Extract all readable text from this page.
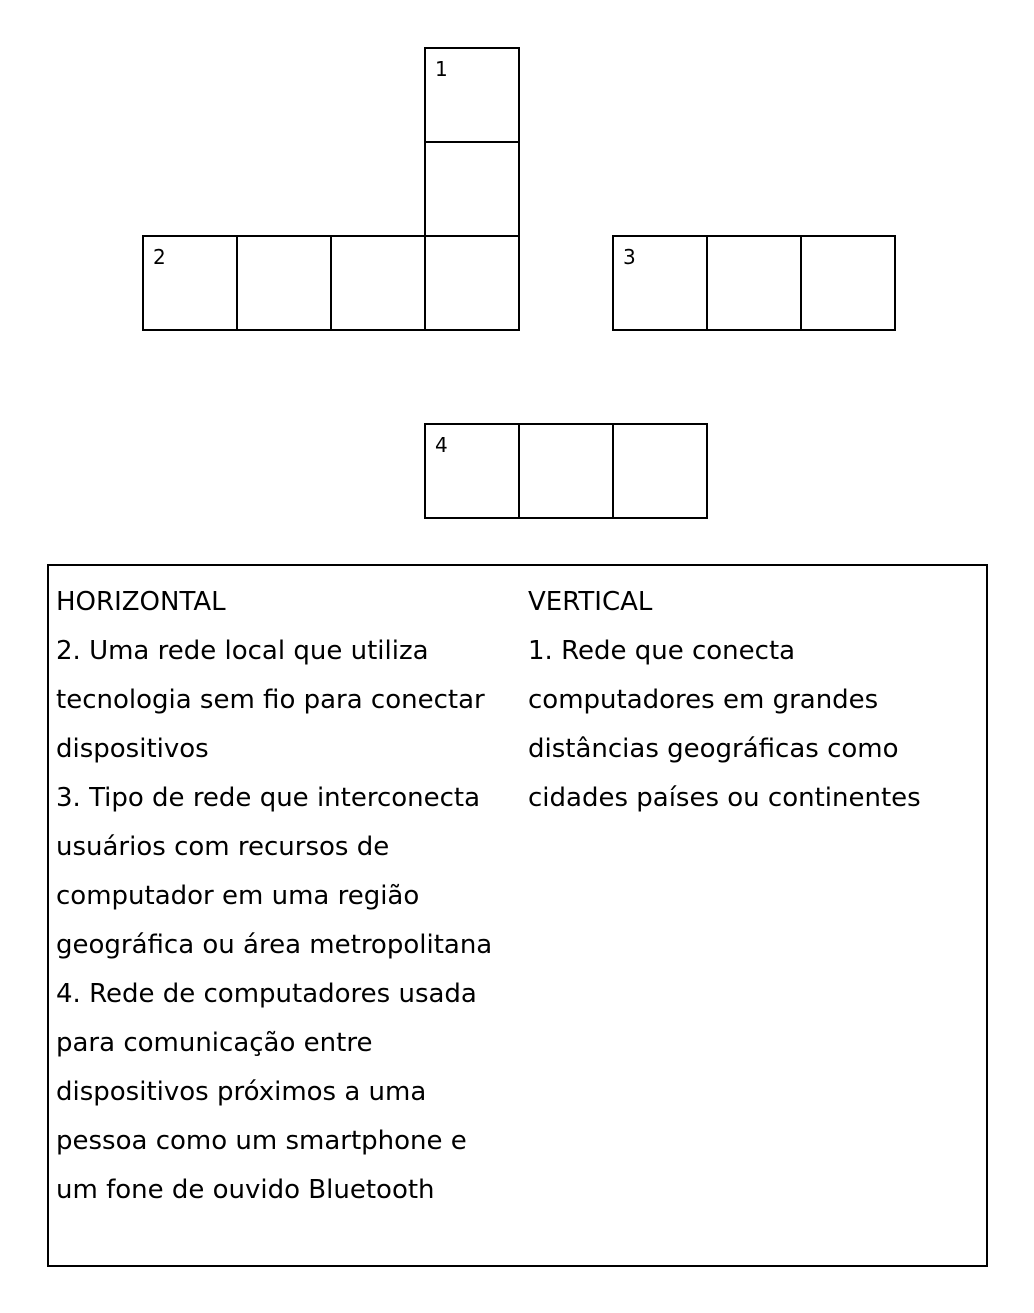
1
2	3
4
HORIZONTAL
2. Uma rede local que utiliza tecnologia sem fio para conectar dispositivos
3. Tipo de rede que interconecta usuários com recursos de computador em uma região geográfica ou área metropolitana
4. Rede de computadores usada para comunicação entre dispositivos próximos a uma pessoa como um smartphone e um fone de ouvido Bluetooth
VERTICAL
1. Rede que conecta computadores em grandes distâncias geográficas como cidades países ou continentes
